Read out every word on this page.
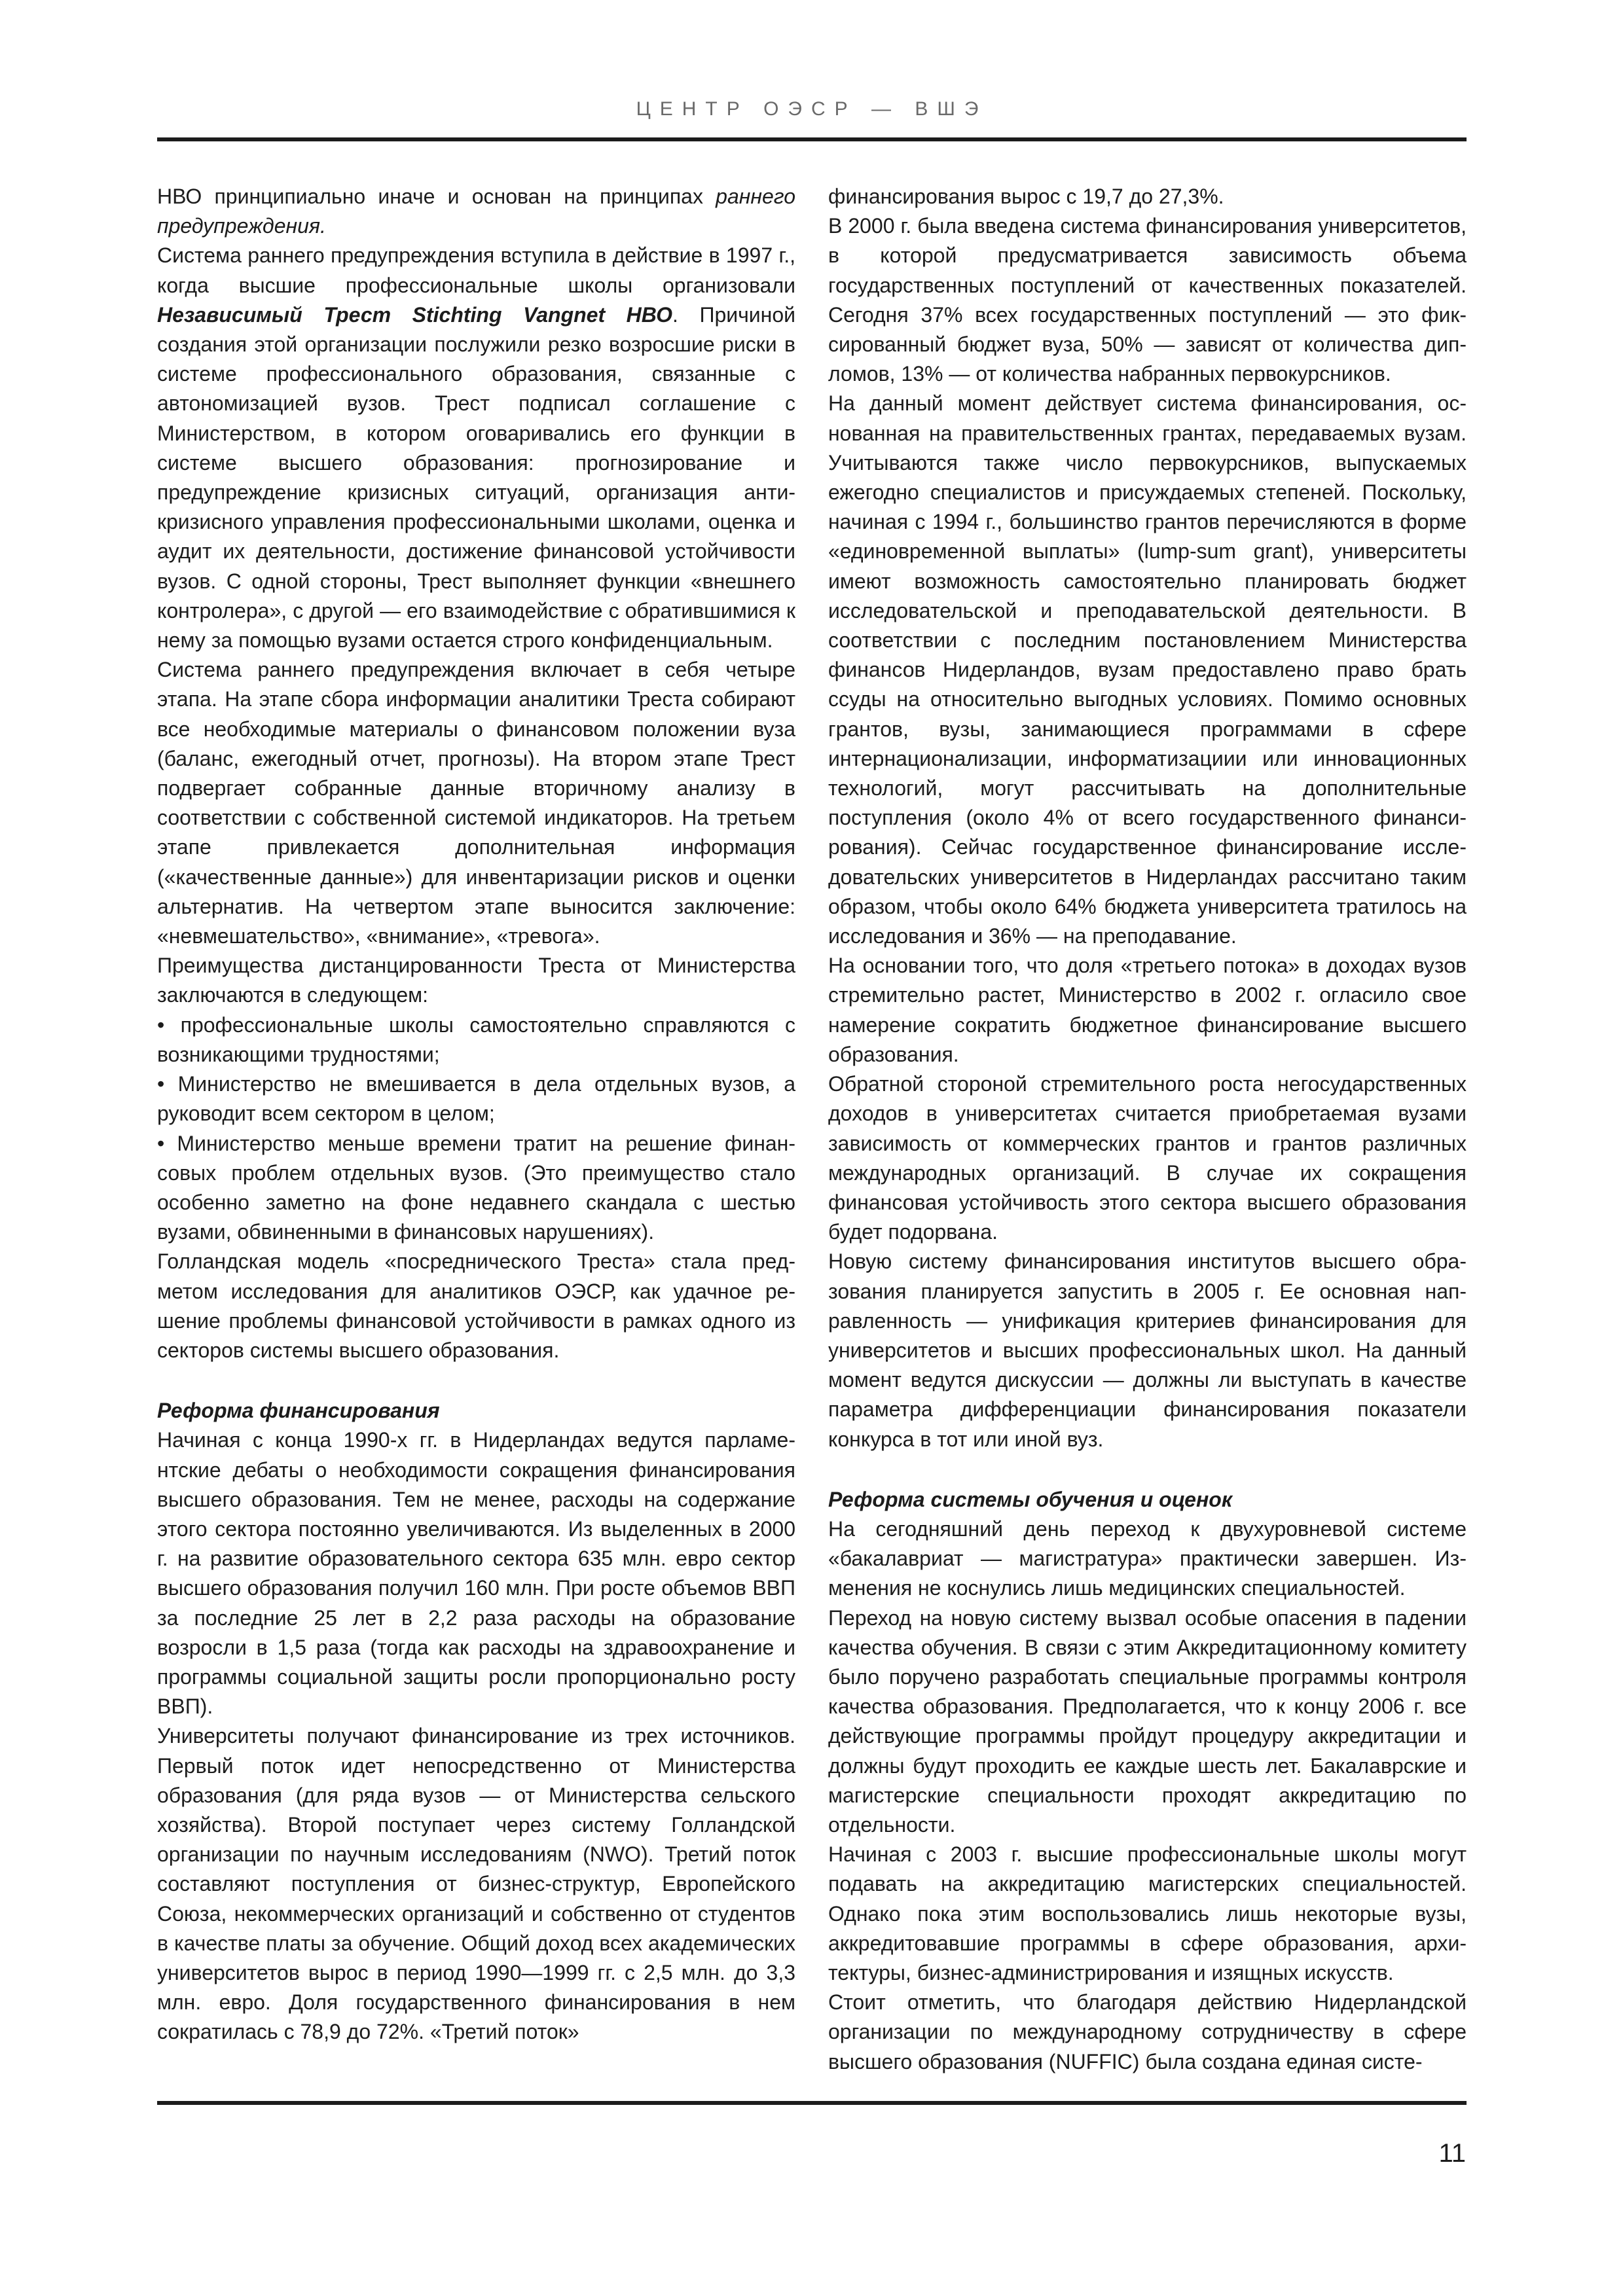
ЦЕНТР ОЭСР — ВШЭ

НВО принципиально иначе и основан на принципах раннего предупреждения.

Система раннего предупреждения вступила в действие в 1997 г., когда высшие профессиональные школы организовали Независимый Трест Stichting Vangnet НВО. Причиной создания этой организации послужили резко возросшие риски в системе профессионального образования, связанные с автономизацией вузов. Трест подписал соглашение с Министерством, в котором оговаривались его функции в системе высшего образования: прогнозирование и предупреждение кризисных ситуаций, организация антикризисного управления профессиональными школами, оценка и аудит их деятельности, достижение финансовой устойчивости вузов. С одной стороны, Трест выполняет функции «внешнего контролера», с другой — его взаимодействие с обратившимися к нему за помощью вузами остается строго конфиденциальным.

Система раннего предупреждения включает в себя четыре этапа. На этапе сбора информации аналитики Треста собирают все необходимые материалы о финансовом положении вуза (баланс, ежегодный отчет, прогнозы). На втором этапе Трест подвергает собранные данные вторичному анализу в соответствии с собственной системой индикаторов. На третьем этапе привлекается дополнительная информация («качественные данные») для инвентаризации рисков и оценки альтернатив. На четвертом этапе выносится заключение: «невмешательство», «внимание», «тревога».

Преимущества дистанцированности Треста от Министерства заключаются в следующем:

• профессиональные школы самостоятельно справляются с возникающими трудностями;

• Министерство не вмешивается в дела отдельных вузов, а руководит всем сектором в целом;

• Министерство меньше времени тратит на решение финансовых проблем отдельных вузов. (Это преимущество стало особенно заметно на фоне недавнего скандала с шестью вузами, обвиненными в финансовых нарушениях).

Голландская модель «посреднического Треста» стала предметом исследования для аналитиков ОЭСР, как удачное решение проблемы финансовой устойчивости в рамках одного из секторов системы высшего образования.

Реформа финансирования

Начиная с конца 1990-х гг. в Нидерландах ведутся парламентские дебаты о необходимости сокращения финансирования высшего образования. Тем не менее, расходы на содержание этого сектора постоянно увеличиваются. Из выделенных в 2000 г. на развитие образовательного сектора 635 млн. евро сектор высшего образования получил 160 млн. При росте объемов ВВП за последние 25 лет в 2,2 раза расходы на образование возросли в 1,5 раза (тогда как расходы на здравоохранение и программы социальной защиты росли пропорционально росту ВВП).

Университеты получают финансирование из трех источников. Первый поток идет непосредственно от Министерства образования (для ряда вузов — от Министерства сельского хозяйства). Второй поступает через систему Голландской организации по научным исследованиям (NWO). Третий поток составляют поступления от бизнес-структур, Европейского Союза, некоммерческих организаций и собственно от студентов в качестве платы за обучение. Общий доход всех академических университетов вырос в период 1990—1999 гг. с 2,5 млн. до 3,3 млн. евро. Доля государственного финансирования в нем сократилась с 78,9 до 72%. «Третий поток»

финансирования вырос с 19,7 до 27,3%.

В 2000 г. была введена система финансирования университетов, в которой предусматривается зависимость объема государственных поступлений от качественных показателей. Сегодня 37% всех государственных поступлений — это фиксированный бюджет вуза, 50% — зависят от количества дипломов, 13% — от количества набранных первокурсников.

На данный момент действует система финансирования, основанная на правительственных грантах, передаваемых вузам. Учитываются также число первокурсников, выпускаемых ежегодно специалистов и присуждаемых степеней. Поскольку, начиная с 1994 г., большинство грантов перечисляются в форме «единовременной выплаты» (lump-sum grant), университеты имеют возможность самостоятельно планировать бюджет исследовательской и преподавательской деятельности. В соответствии с последним постановлением Министерства финансов Нидерландов, вузам предоставлено право брать ссуды на относительно выгодных условиях. Помимо основных грантов, вузы, занимающиеся программами в сфере интернационализации, информатизациии или инновационных технологий, могут рассчитывать на дополнительные поступления (около 4% от всего государственного финансирования). Сейчас государственное финансирование исследовательских университетов в Нидерландах рассчитано таким образом, чтобы около 64% бюджета университета тратилось на исследования и 36% — на преподавание.

На основании того, что доля «третьего потока» в доходах вузов стремительно растет, Министерство в 2002 г. огласило свое намерение сократить бюджетное финансирование высшего образования.

Обратной стороной стремительного роста негосударственных доходов в университетах считается приобретаемая вузами зависимость от коммерческих грантов и грантов различных международных организаций. В случае их сокращения финансовая устойчивость этого сектора высшего образования будет подорвана.

Новую систему финансирования институтов высшего образования планируется запустить в 2005 г. Ее основная направленность — унификация критериев финансирования для университетов и высших профессиональных школ. На данный момент ведутся дискуссии — должны ли выступать в качестве параметра дифференциации финансирования показатели конкурса в тот или иной вуз.

Реформа системы обучения и оценок

На сегодняшний день переход к двухуровневой системе «бакалавриат — магистратура» практически завершен. Изменения не коснулись лишь медицинских специальностей.

Переход на новую систему вызвал особые опасения в падении качества обучения. В связи с этим Аккредитационному комитету было поручено разработать специальные программы контроля качества образования. Предполагается, что к концу 2006 г. все действующие программы пройдут процедуру аккредитации и должны будут проходить ее каждые шесть лет. Бакалаврские и магистерские специальности проходят аккредитацию по отдельности.

Начиная с 2003 г. высшие профессиональные школы могут подавать на аккредитацию магистерских специальностей. Однако пока этим воспользовались лишь некоторые вузы, аккредитовавшие программы в сфере образования, архитектуры, бизнес-администрирования и изящных искусств.

Стоит отметить, что благодаря действию Нидерландской организации по международному сотрудничеству в сфере высшего образования (NUFFIC) была создана единая систе-

11
